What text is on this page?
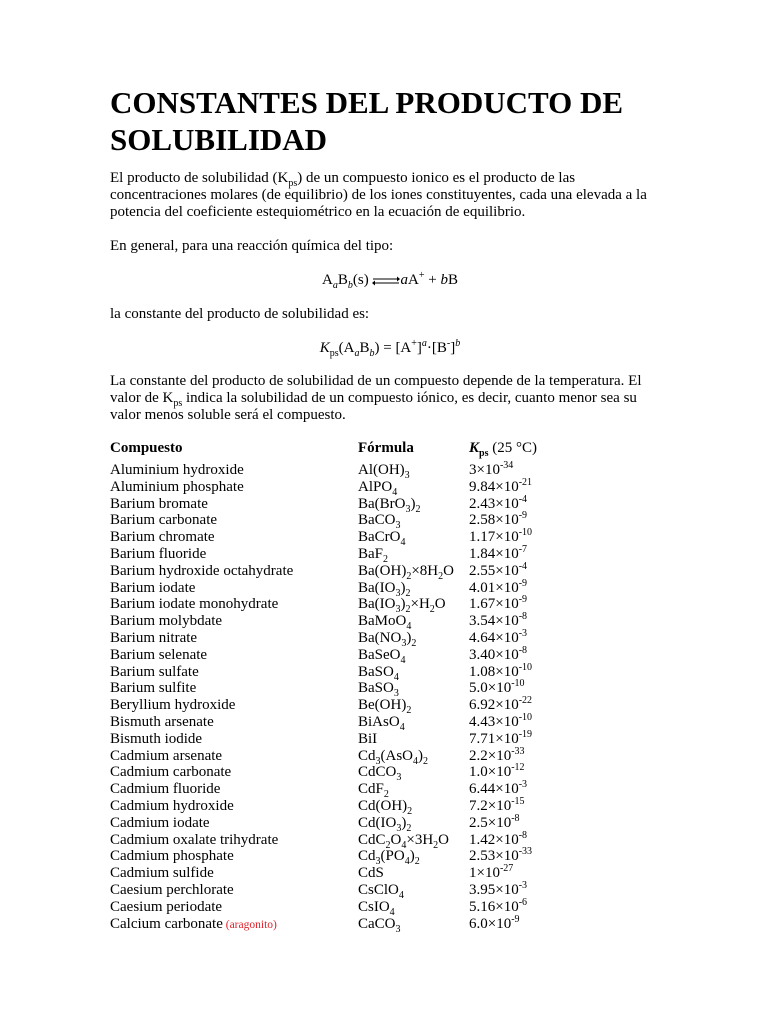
CONSTANTES DEL PRODUCTO DE
SOLUBILIDAD

El producto de solubilidad $(K_{ps})$ de un compuesto ionico es el producto de las concentraciones molares (de equilibrio) de los iones constituyentes, cada una elevada a la potencia del coeficiente estequiométrico en la ecuación de equilibrio.

En general, para una reacción química del tipo:

$A_aB_b(s)$ ⇌aA+ + bB

la constante del producto de solubilidad es:

$K_{ps}(A_aB_b) = [A^+]^a\cdot[B^-]^b$

La constante del producto de solubilidad de un compuesto depende de la temperatura. El valor de $K_{ps}$ indica la solubilidad de un compuesto iónico, es decir, cuanto menor sea su valor menos soluble será el compuesto.

Compuesto	Fórmula	$K_{ps}$ (25 °C)
Aluminium hydroxide	$Al(OH)_3$	$3\times 10^{-34}$
Aluminium phosphate	AlPO$_4$	$9.84\times 10^{-21}$
Barium bromate	$Ba(BrO_3)_2$	$2.43\times 10^{-4}$
Barium carbonate	BaCO$_3$	$2.58\times 10^{-9}$
Barium chromate	BaCrO$_4$	$1.17\times 10^{-10}$
Barium fluoride	BaF$_2$	$1.84\times 10^{-7}$
Barium hydroxide octahydrate	$Ba(OH)_2\times 8H_2O$	$2.55\times 10^{-4}$
Barium iodate	$Ba(IO_3)_2$	$4.01\times 10^{-9}$
Barium iodate monohydrate	$Ba(IO_3)_2\times H_2O$	$1.67\times 10^{-9}$
Barium molybdate	BaMoO$_4$	$3.54\times 10^{-8}$
Barium nitrate	$Ba(NO_3)_2$	$4.64\times 10^{-3}$
Barium selenate	BaSeO$_4$	$3.40\times 10^{-8}$
Barium sulfate	BaSO$_4$	$1.08\times 10^{-10}$
Barium sulfite	BaSO$_3$	$5.0\times 10^{-10}$
Beryllium hydroxide	$Be(OH)_2$	$6.92\times 10^{-22}$
Bismuth arsenate	BiAsO$_4$	$4.43\times 10^{-10}$
Bismuth iodide	BiI	$7.71\times 10^{-19}$
Cadmium arsenate	$Cd_3(AsO_4)_2$	$2.2\times 10^{-33}$
Cadmium carbonate	CdCO$_3$	$1.0\times 10^{-12}$
Cadmium fluoride	CdF$_2$	$6.44\times 10^{-3}$
Cadmium hydroxide	$Cd(OH)_2$	$7.2\times 10^{-15}$
Cadmium iodate	$Cd(IO_3)_2$	$2.5\times 10^{-8}$
Cadmium oxalate trihydrate	$CdC_2O_4\times 3H_2O$	$1.42\times 10^{-8}$
Cadmium phosphate	$Cd_3(PO_4)_2$	$2.53\times 10^{-33}$
Cadmium sulfide	CdS	$1\times 10^{-27}$
Caesium perchlorate	CsClO$_4$	$3.95\times 10^{-3}$
Caesium periodate	CsIO$_4$	$5.16\times 10^{-6}$
Calcium carbonate (aragonito)	CaCO$_3$	$6.0\times 10^{-9}$
